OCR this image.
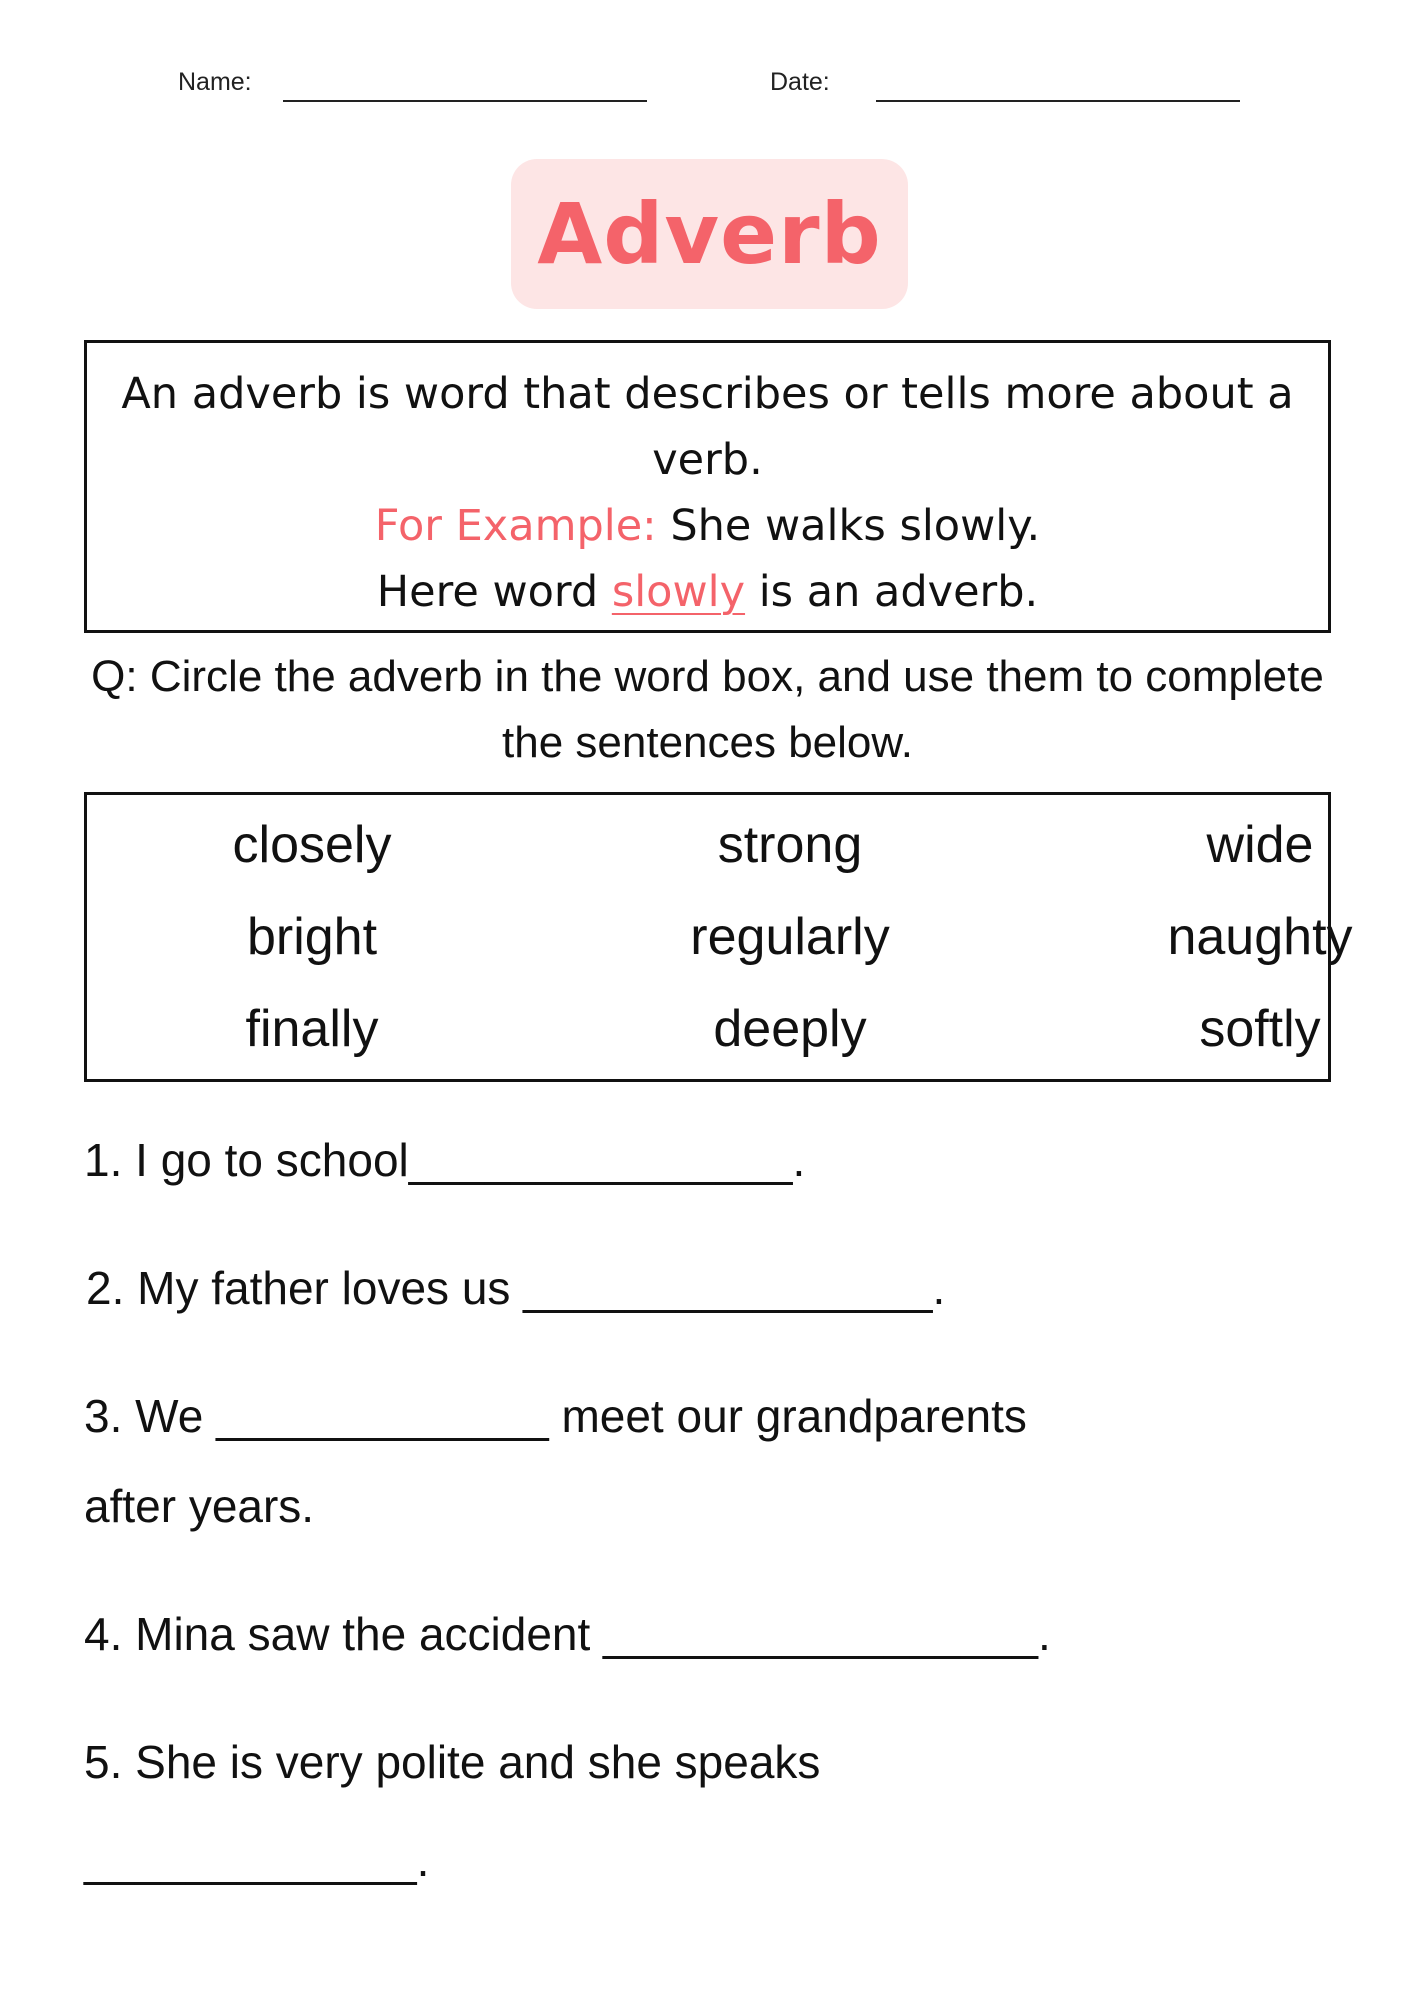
Name:	Date:
Adverb

An adverb is word that describes or tells more about a verb.

For Example: She walks slowly.

Here word slowly is an adverb.

Q: Circle the adverb in the word box, and use them to complete the sentences below.
closely	strong	wide
bright	regularly	naughty
finally	deeply	softly
1. I go to school_______________.
2. My father loves us ________________.
3. We _____________ meet our grandparents
after years.
4. Mina saw the accident _________________.
5. She is very polite and she speaks
_____________.
